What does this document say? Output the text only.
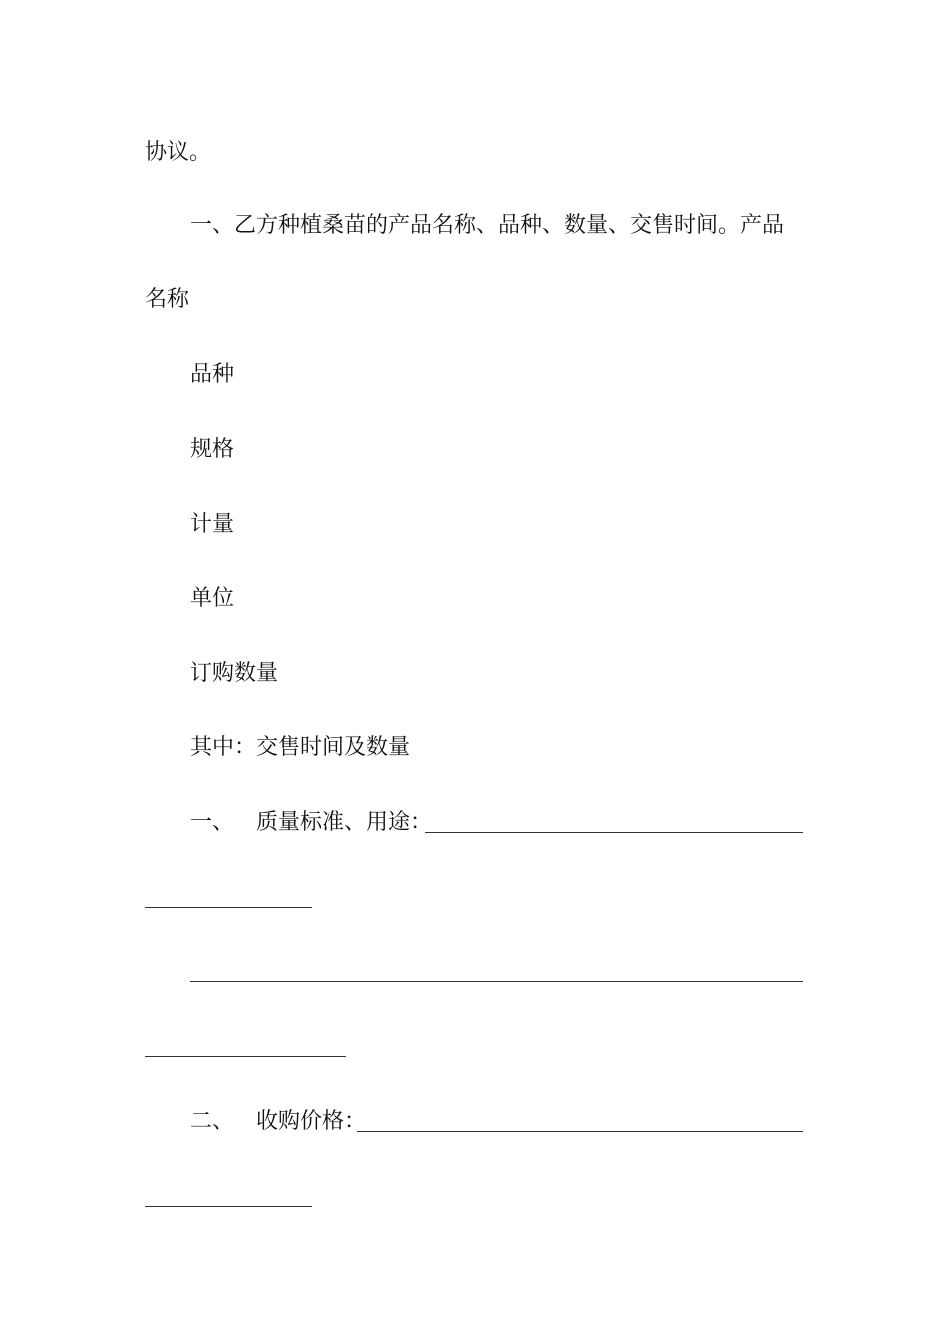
协议。
一、乙方种植桑苗的产品名称、品种、数量、交售时间。产品
名称
品种
规格
计量
单位
订购数量
其中：交售时间及数量
一、 质量标准、用途：
二、 收购价格：
